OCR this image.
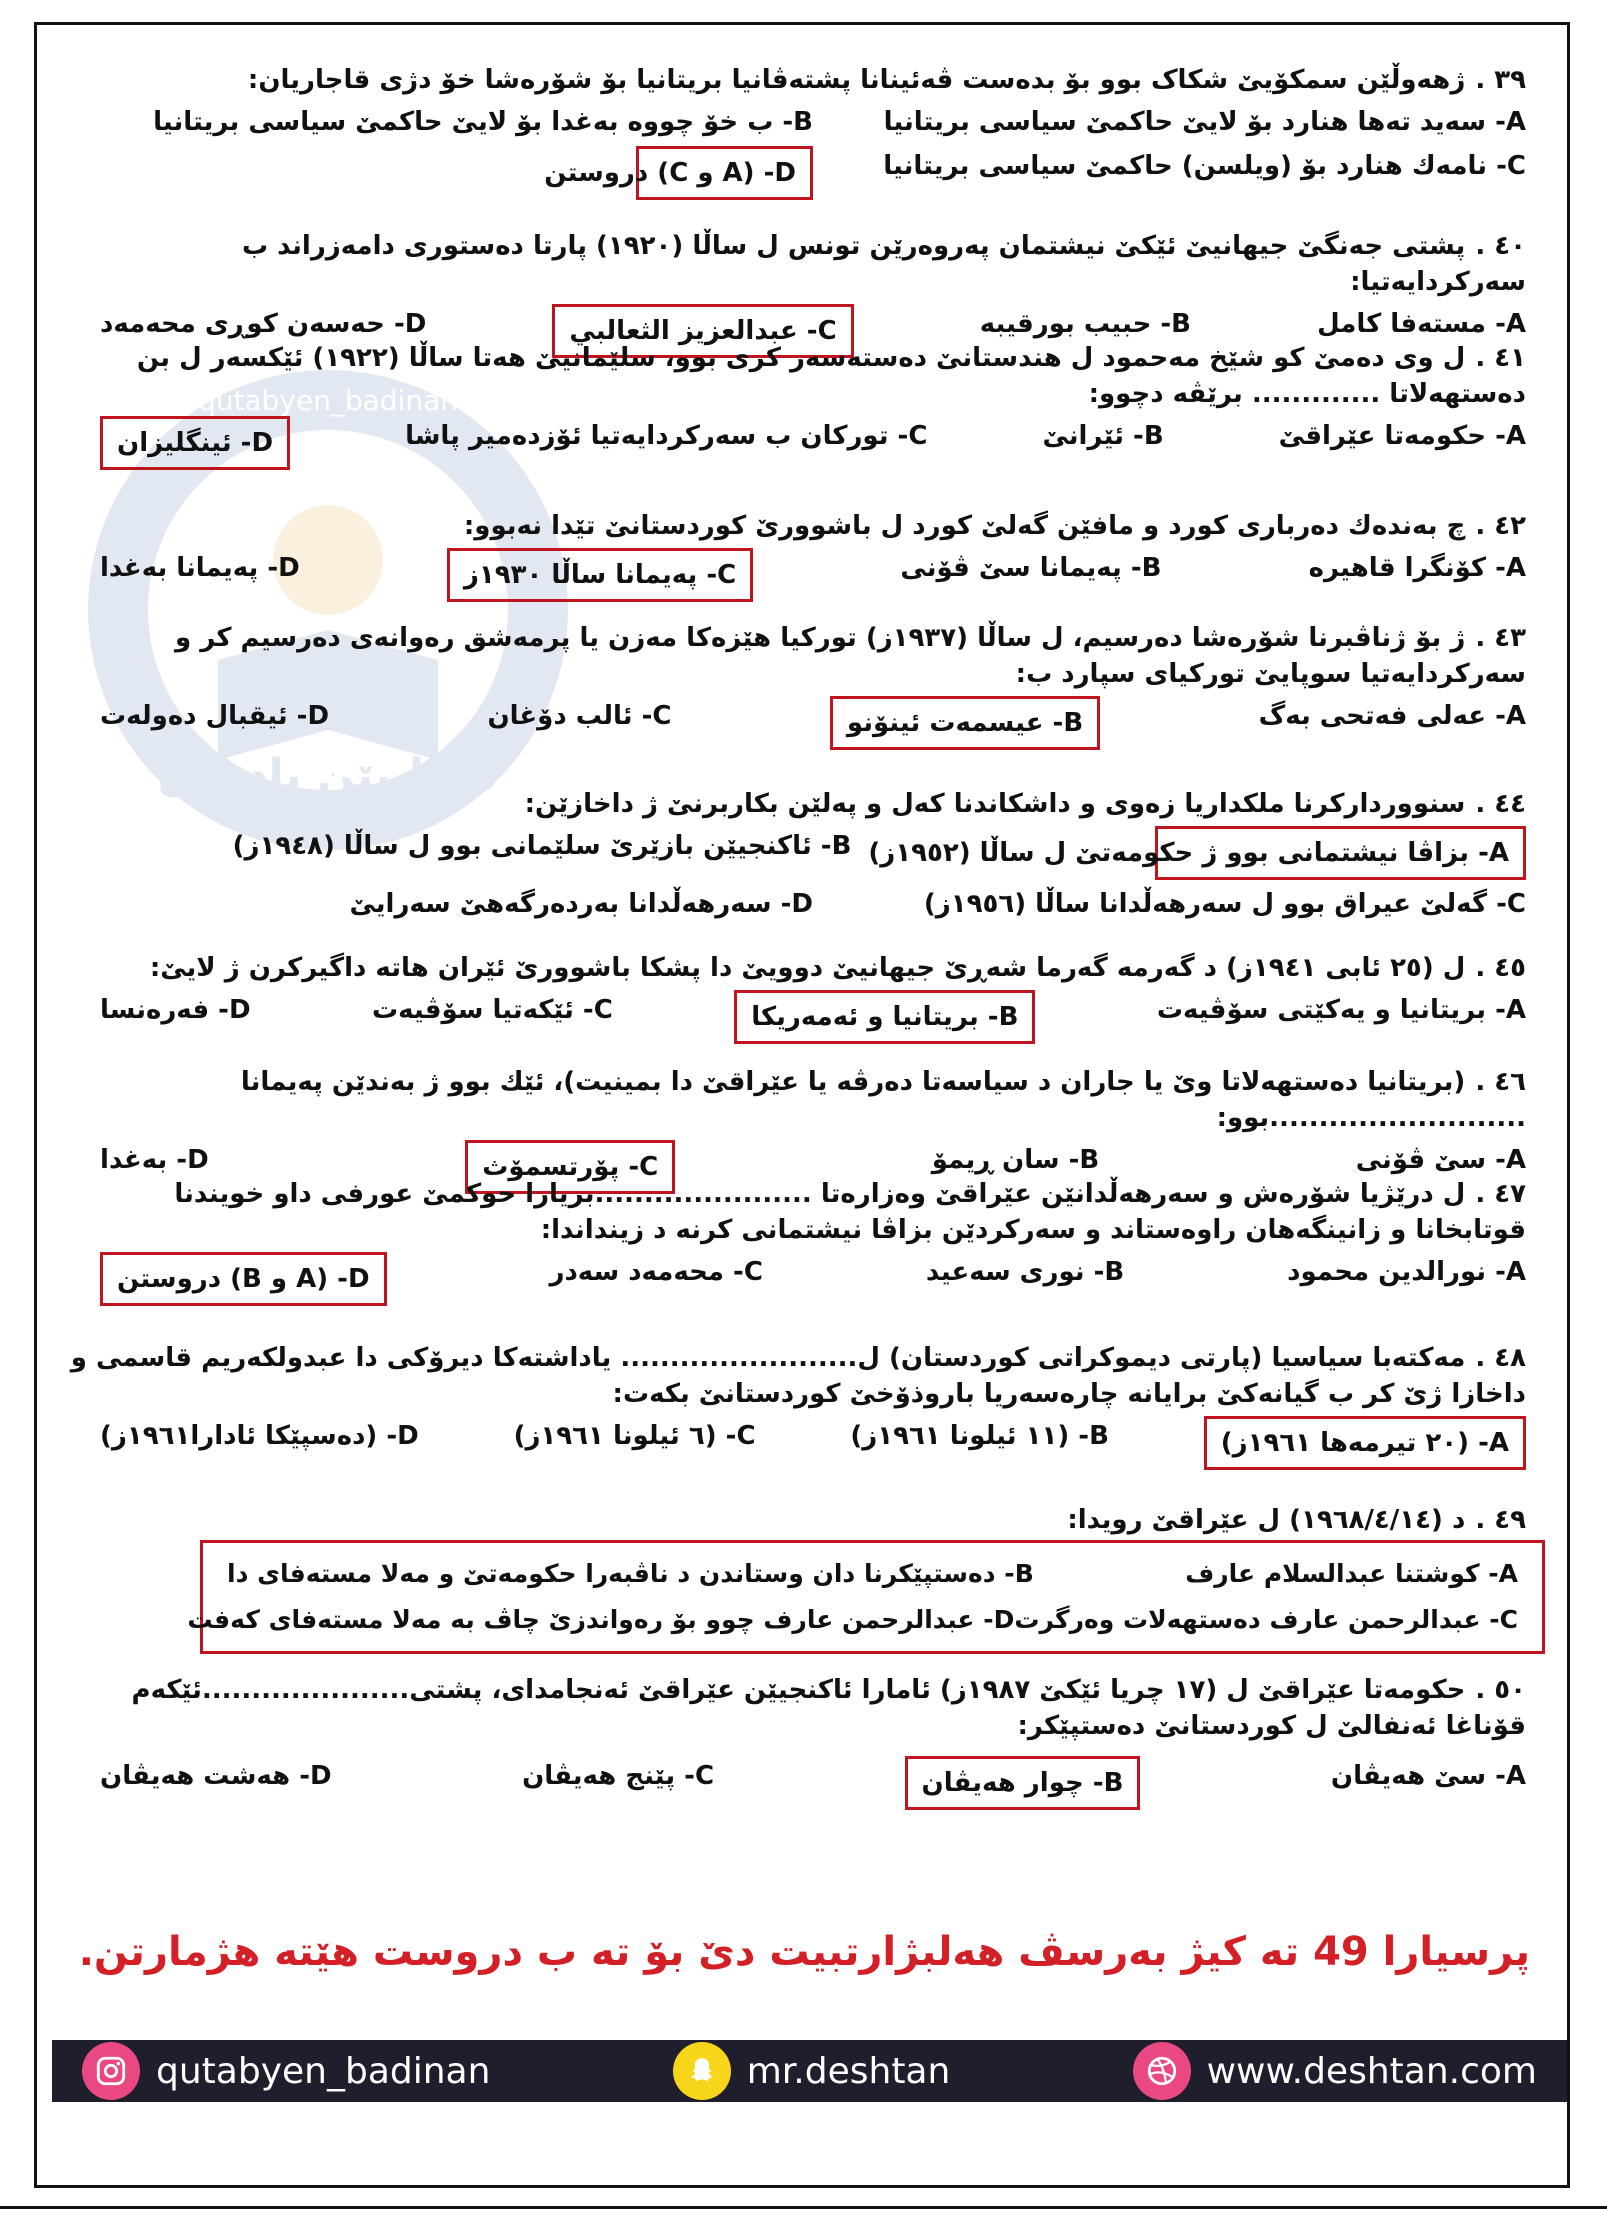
qutabyen_badinan
قوتابیێن بادینان
٣٩ .ژهەوڵێن سمکۆیێ شکاک بوو بۆ بدەست ڤەئینانا پشتەڤانیا بریتانیا بۆ شۆرەشا خۆ دژی قاجاریان:
A- سەید تەها هنارد بۆ لایێ حاکمێ سیاسی بریتانیا
B- ب خۆ چووە بەغدا بۆ لایێ حاکمێ سیاسی بریتانیا
C- نامەك هنارد بۆ (ویلسن) حاکمێ سیاسی بریتانیا
D- (A و C) دروستن
٤٠ .پشتی جەنگێ جیهانیێ ئێکێ نیشتمان پەروەرێن تونس ل ساڵا (١٩٢٠) پارتا دەستوری دامەزراند ب سەرکردایەتیا:
A- مستەفا کامل
B- حبیب بورقیبە
C- عبدالعزیز الثعالبي
D- حەسەن کوڕی محەمەد
٤١ .ل وی دەمێ کو شێخ مەحمود ل هندستانێ دەستەسەر کری بوو، سلێمانیێ هەتا ساڵا (١٩٢٢) ئێکسەر ل بن دەستهەلاتا ............. برێڤە دچوو:
A- حکومەتا عێراقێ
B- ئێرانێ
C- تورکان ب سەرکردایەتیا ئۆزدەمیر پاشا
D- ئینگلیزان
٤٢ .چ بەندەك دەرباری کورد و مافێن گەلێ کورد ل باشوورێ کوردستانێ تێدا نەبوو:
A- کۆنگرا قاهیرە
B- پەیمانا سێ ڤۆنی
C- پەیمانا ساڵا ١٩٣٠ز
D- پەیمانا بەغدا
٤٣ .ژ بۆ ژناڤبرنا شۆرەشا دەرسیم، ل ساڵا (١٩٣٧ز) تورکیا هێزەکا مەزن یا پرمەشق رەوانەی دەرسیم کر و سەرکردایەتیا سوپایێ تورکیای سپارد ب:
A- عەلی فەتحی بەگ
B- عیسمەت ئینۆنو
C- ئالب دۆغان
D- ئیقبال دەولەت
٤٤ .سنووردارکرنا ملکداریا زەوی و داشکاندنا کەل و پەلێن بکاربرنێ ژ داخازێن:
A- بزاڤا نیشتمانی بوو ژ حکومەتێ ل ساڵا (١٩٥٢ز)
B- ئاکنجیێن بازێرێ سلێمانی بوو ل ساڵا (١٩٤٨ز)
C- گەلێ عیراق بوو ل سەرهەڵدانا ساڵا (١٩٥٦ز)
D- سەرهەڵدانا بەردەرگەهێ سەرایێ
٤٥ .ل (٢٥ ئابی ١٩٤١ز) د گەرمە گەرما شەڕێ جیهانیێ دوویێ دا پشکا باشوورێ ئێران هاتە داگیرکرن ژ لایێ:
A- بریتانیا و یەکێتی سۆڤیەت
B- بریتانیا و ئەمەریکا
C- ئێکەتیا سۆڤیەت
D- فەرەنسا
٤٦ .(بریتانیا دەستهەلاتا وێ یا جاران د سیاسەتا دەرڤە یا عێراقێ دا بمینیت)، ئێك بوو ژ بەندێن پەیمانا ..........................بوو:
A- سێ ڤۆنی
B- سان ڕیمۆ
C- پۆرتسمۆث
D- بەغدا
٤٧ .ل درێژیا شۆرەش و سەرهەڵدانێن عێراقێ وەزارەتا ......................بریارا حوکمێ عورفی داو خویندنا قوتابخانا و زانینگەهان راوەستاند و سەرکردێن بزاڤا نیشتمانی کرنە د زینداندا:
A- نورالدین محمود
B- نوری سەعید
C- محەمەد سەدر
D- (A و B) دروستن
٤٨ .مەکتەبا سیاسیا (پارتی دیموکراتی کوردستان) ل........................ یاداشتەکا دیرۆکی دا عبدولکەریم قاسمی و داخازا ژێ کر ب گیانەکێ برایانە چارەسەریا باروذۆخێ کوردستانێ بکەت:
A- (٢٠ تیرمەها ١٩٦١ز)
B- (١١ ئیلونا ١٩٦١ز)
C- (٦ ئیلونا ١٩٦١ز)
D- (دەسپێکا ئادارا١٩٦١ز)
٤٩ .د (١٩٦٨/٤/١٤) ل عێراقێ رویدا:
A- کوشتنا عبدالسلام عارف
B- دەستپێکرنا دان وستاندن د ناڤبەرا حکومەتێ و مەلا مستەفای دا
C- عبدالرحمن عارف دەستهەلات وەرگرت
D- عبدالرحمن عارف چوو بۆ رەواندزێ چاڤ بە مەلا مستەفای کەفت
٥٠ .حکومەتا عێراقێ ل (١٧ چریا ئێکێ ١٩٨٧ز) ئامارا ئاکنجیێن عێراقێ ئەنجامدای، پشتی.....................ئێکەم قۆناغا ئەنفالێ ل کوردستانێ دەستپێکر:
A- سێ هەیڤان
B- چوار هەیڤان
C- پێنج هەیڤان
D- هەشت هەیڤان
پرسیارا 49 تە کیژ بەرسڤ هەلبژارتبیت دێ بۆ تە ب دروست هێتە هژمارتن.
qutabyen_badinan	mr.deshtan	www.deshtan.com
